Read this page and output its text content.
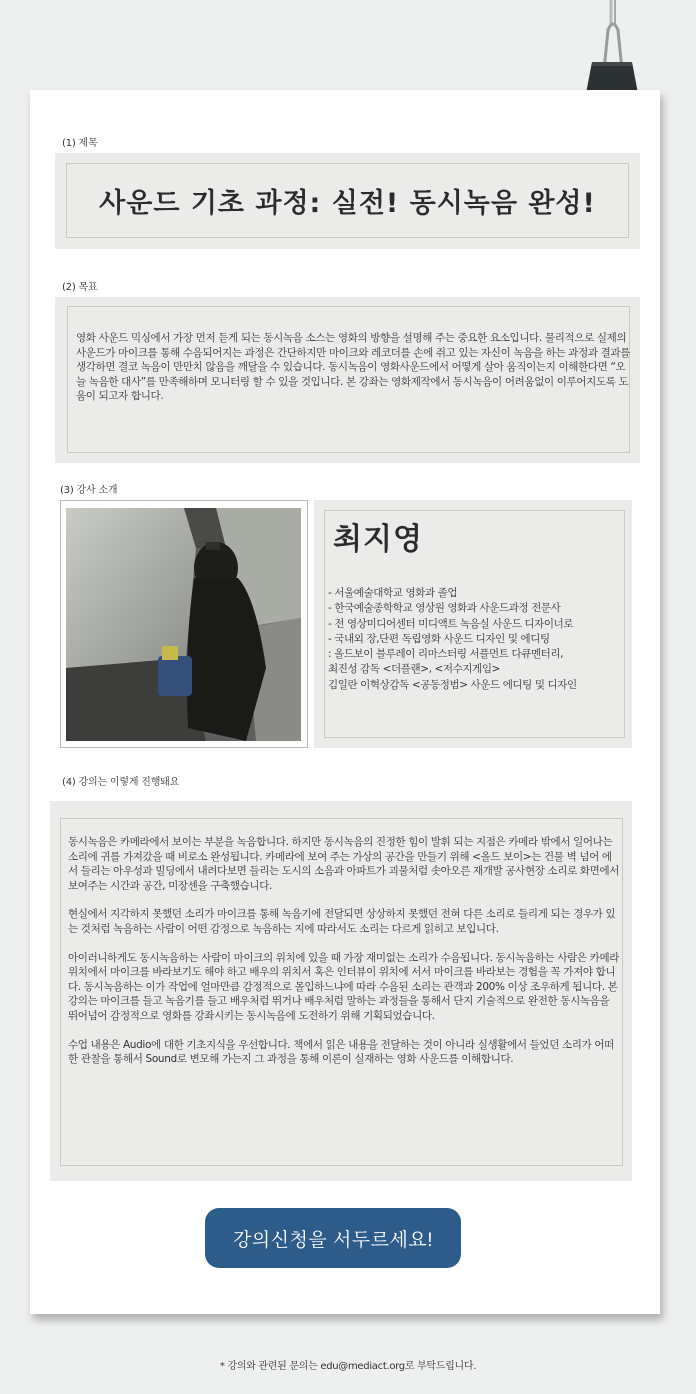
(1) 제목
사운드 기초 과정: 실전! 동시녹음 완성!
(2) 목표
영화 사운드 믹싱에서 가장 먼저 듣게 되는 동시녹음 소스는 영화의 방향을 설명해 주는 중요한 요소입니다. 물리적으로 실제의 사운드가 마이크를 통해 수음되어지는 과정은 간단하지만 마이크와 레코더를 손에 쥐고 있는 자신이 녹음을 하는 과정과 결과를 생각하면 결코 녹음이 만만치 않음을 깨달을 수 있습니다. 동시녹음이 영화사운드에서 어떻게 살아 움직이는지 이해한다면 “오늘 녹음한 대사”를 만족해하며 모니터링 할 수 있을 것입니다. 본 강좌는 영화제작에서 동시녹음이 어려움없이 이루어지도록 도움이 되고자 합니다.
(3) 강사 소개
최지영
- 서울예술대학교 영화과 졸업
- 한국예술종학학교 영상원 영화과 사운드과정 전문사
- 전 영상미디어센터 미디액트 녹음실 사운드 디자이너로
- 국내외 장,단편 독립영화 사운드 디자인 및 에디팅
: 올드보이 블루레이 리마스터링 서플먼트 다큐멘터리,
최진성 감독 <더플랜>, <저수지게임>
김일란 이혁상감독 <공동정범> 사운드 에디팅 및 디자인
(4) 강의는 이렇게 진행돼요

동시녹음은 카메라에서 보이는 부분을 녹음합니다. 하지만 동시녹음의 진정한 힘이 발휘 되는 지점은 카메라 밖에서 일어나는 소리에 귀를 가져갔을 때 비로소 완성됩니다. 카메라에 보여 주는 가상의 공간을 만들기 위해 <올드 보이>는 건물 벽 넘어 에서 들리는 아우성과 빌딩에서 내려다보면 들리는 도시의 소음과 아파트가 괴물처럼 솟아오른 재개발 공사현장 소리로 화면에서 보여주는 시간과 공간, 미장센을 구축했습니다.

현실에서 지각하지 못했던 소리가 마이크를 통해 녹음기에 전달되면 상상하지 못했던 전혀 다른 소리로 들리게 되는 경우가 있는 것처럼 녹음하는 사람이 어떤 감정으로 녹음하는 지에 따라서도 소리는 다르게 읽히고 보입니다.

아이러니하게도 동시녹음하는 사람이 마이크의 위치에 있을 때 가장 재미없는 소리가 수음됩니다. 동시녹음하는 사람은 카메라 위치에서 마이크를 바라보기도 해야 하고 배우의 위치서 혹은 인터뷰이 위치에 서서 마이크를 바라보는 경험을 꼭 가져야 합니다. 동시녹음하는 이가 작업에 얼마만큼 감정적으로 몰입하느냐에 따라 수음된 소리는 관객과 200% 이상 조우하게 됩니다. 본 강의는 마이크를 들고 녹음기를 들고 배우처럼 뛰거나 배우처럼 말하는 과정들을 통해서 단지 기술적으로 완전한 동시녹음을 뛰어넘어 감정적으로 영화를 강좌시키는 동시녹음에 도전하기 위해 기획되었습니다.

수업 내용은 Audio에 대한 기초지식을 우선합니다. 책에서 읽은 내용을 전달하는 것이 아니라 실생활에서 들었던 소리가 어떠한 관찰을 통해서 Sound로 변모해 가는지 그 과정을 통해 이론이 실재하는 영화 사운드를 이해합니다.

강의신청을 서두르세요!
* 강의와 관련된 문의는 edu@mediact.org로 부탁드립니다.
